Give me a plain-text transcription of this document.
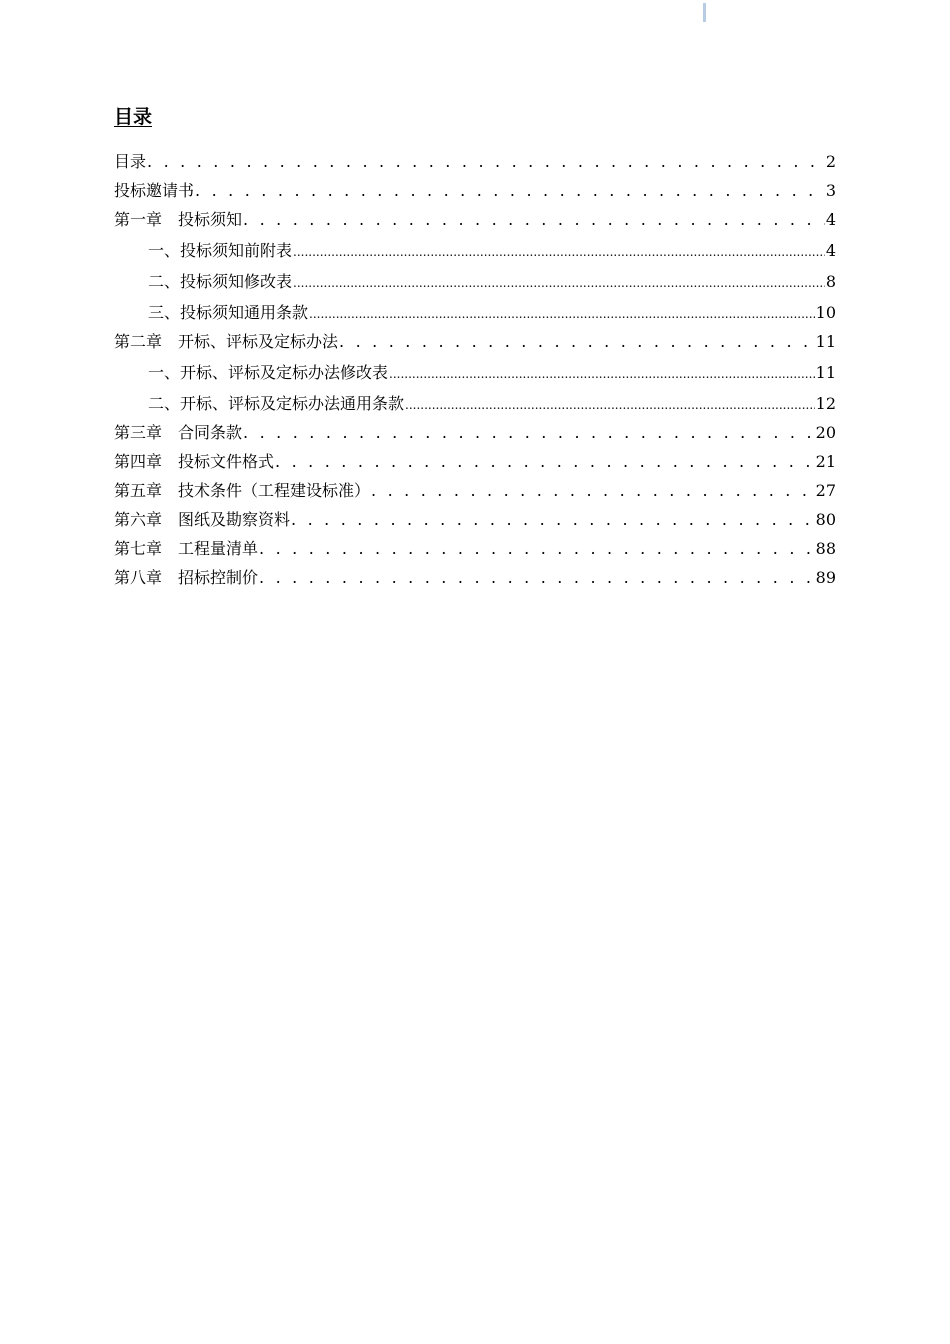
目录
目录 . . .	2
投标邀请书 . . .	3
第一章　投标须知 . . .	4
一、投标须知前附表 .....	4
二、投标须知修改表 .....	8
三、投标须知通用条款 .....	10
第二章　开标、评标及定标办法 . . .	11
一、开标、评标及定标办法修改表 .....	11
二、开标、评标及定标办法通用条款 .....	12
第三章　合同条款 . . .	20
第四章　投标文件格式 . . .	21
第五章　技术条件（工程建设标准） . . .	27
第六章　图纸及勘察资料 . . .	80
第七章　工程量清单 . . .	88
第八章　招标控制价 . . .	89
